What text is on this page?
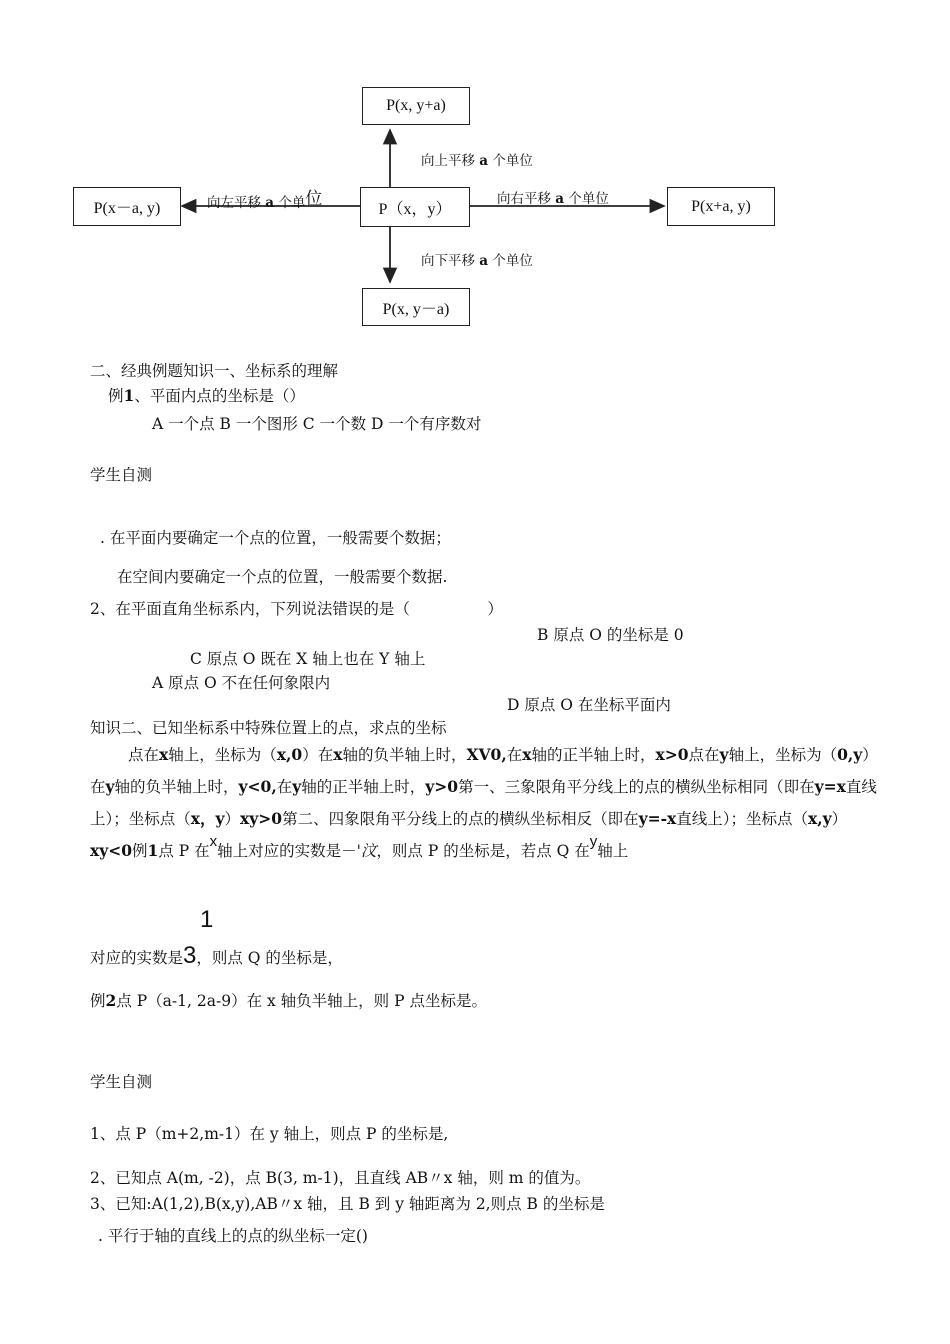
P(x, y+a)
P（x，y）
P(x－a, y)	P(x+a, y)
P(x, y－a)
向上平移 a 个单位
向下平移 a 个单位
向左平移 a 个单位	向右平移 a 个单位
二、经典例题知识一、坐标系的理解
例1、平面内点的坐标是（）
A 一个点 B 一个图形 C 一个数 D 一个有序数对
学生自测
. 在平面内要确定一个点的位置，一般需要个数据；
在空间内要确定一个点的位置，一般需要个数据.
2、在平面直角坐标系内，下列说法错误的是（　　　　　）
B 原点 O 的坐标是 0
C 原点 O 既在 X 轴上也在 Y 轴上
A 原点 O 不在任何象限内
D 原点 O 在坐标平面内
知识二、已知坐标系中特殊位置上的点，求点的坐标
点在x轴上，坐标为（x,0）在x轴的负半轴上时，XV0,在x轴的正半轴上时，x>0点在y轴上，坐标为（0,y）在y轴的负半轴上时，y<0,在y轴的正半轴上时，y>0第一、三象限角平分线上的点的横纵坐标相同（即在y=x直线上）；坐标点（x，y）xy>0第二、四象限角平分线上的点的横纵坐标相反（即在y=-x直线上）；坐标点（x,y）xy<0例1点 P 在x轴上对应的实数是－'汶，则点 P 的坐标是，若点 Q 在y轴上
1
对应的实数是3，则点 Q 的坐标是，
例2点 P（a-1, 2a-9）在 x 轴负半轴上，则 P 点坐标是。
学生自测
1、点 P（m+2,m-1）在 y 轴上，则点 P 的坐标是,
2、已知点 A(m, -2)，点 B(3, m-1)，且直线 AB〃x 轴，则 m 的值为。
3、已知:A(1,2),B(x,y),AB〃x 轴，且 B 到 y 轴距离为 2,则点 B 的坐标是
. 平行于轴的直线上的点的纵坐标一定()
